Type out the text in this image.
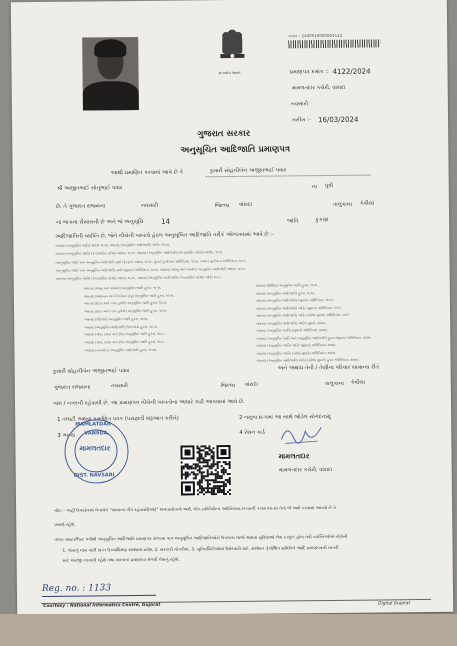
ક્રમાંક : 2400019000004122
સત્યમેવ જયતે	પ્રમાણપત્ર ક્રમાંક :: 4122/2024
મામલતદાર કચેરી, વાંસદા
નવસારી
તારીખ :- 16/03/2024
ગુજરાત સરકાર
અનુસૂચિત આદિજાતિ પ્રમાણપત્ર
આથી પ્રમાણિત કરવામાં આવે છે કે	કુમારી સોહનીબેન અજીતભાઈ પવાર
શ્રી અજીતભાઈ સોનુભાઈ પવાર	ના પુત્રી
છે, તે ગુજરાત રાજ્યના	નવસારી	જિલ્લા વાંસદા	તાલુકાના કેવીયા
ના ભાગના સૈયારાની છે અને જે અનુસૂચિ	14	જાતિ	કુકણા
આદિજાતિની વ્યક્તિ છે, જેને નીચેની બાબતો હેઠળ અનુસૂચિત આદિજાતિ તરીકે ઓળખવામાં આવે છે :-
બંધારણ (અનુસૂચિત જાતિ) આદેશ ૧૯૫૦, બંધારણ (અનુસૂચિત આદિજાતિ) ઓર્ડર, ૧૯૫૦,
બંધારણ (અનુસૂચિત જાતિ) (કેન્દ્રશાસિત પ્રદેશો) આદેશ, ૧૯૫૧, બંધારણ (અનુસૂચિત આદિજાતિ) (કેન્દ્રશાસિત પ્રદેશો) આદેશ, ૧૯૫૧,
(અનુસૂચિત જાતિ અને અનુસૂચિત આદિજાતિ યાદી (ફેરફાર) આદેશ, ૧૯૫૬, મુંબઈ પુનર્રચના અધિનિયમ, ૧૯૬૦, પંજાબ પુનર્રચના અધિનિયમ, ૧૯૬૬,
(અનુસૂચિત જાતિ અને અનુસૂચિત આદિજાતિ) યાદી (સુધારા) અધિનિયમ, ૧૯૭૬, બંધારણ (જમ્મુ અને કાશ્મીર) અનુસૂચિત આદિજાતિ આદેશ, ૧૯૮૯,
બંધારણ (અનુસૂચિત જાતિ) (કેન્દ્રશાસિત પ્રદેશો) આદેશ, ૧૯૭૮, બંધારણ (અનુસૂચિત આદિજાતિ) (કેન્દ્રશાસિત પ્રદેશો) ઓર્ડર ૧૯૬૮,
બંધારણ (જમ્મુ અને કાશ્મીર) અનુસૂચિત જાતિ હુકમ, ૧૯૫૬,
બંધારણ (આંદામાન અને નિકોબાર ટાપુ) અનુસૂચિત જાતિ હુકમ, ૧૯૫૯,
બંધારણ (દાદરા અને નગર હવેલી) અનુસૂચિત જાતિ હુકમ, ૧૯૬૨,
બંધારણ (દાદરા અને નગર હવેલી) અનુસૂચિત જાતિ હુકમ, ૧૯૬૨,
બંધારણ (પોંડિચેરી) અનુસૂચિત જાતિ હુકમ, ૧૯૬૪,
બંધારણ (અનુસૂચિત આદિજાતિ) ઉત્તરપ્રદેશ હુકમ, ૧૯૬૭,
બંધારણ (ગોવા, દમણ અને દીવ) અનુસૂચિત જાતિ હુકમ, ૧૯૬૮,
બંધારણ (ગોવા, દમણ અને દીવ) અનુસૂચિત જાતિ હુકમ, ૧૯૬૮,
બંધારણ (નાગાલેન્ડ) અનુસૂચિત આદિજાતિ હુકમ, ૧૯૭૦,
બંધારણ (સિક્કિમ) અનુસૂચિત જાતિ હુકમ, ૧૯૭૮,
બંધારણ (અનુસૂચિત આદિજાતિ) હુકમ, ૧૯૭૮,
બંધારણ (અનુસૂચિત આદિજાતિ) (સુધારો) અધિનિયમ, ૧૯૯૦,
બંધારણ (અનુસૂચિત આદિજાતિ) ઓર્ડર (સુધારા) અધિનિયમ, ૧૯૯૧,
બંધારણ (અનુસૂચિત આદિજાતિ) ઓર્ડર (બીજો સુધારો) અધિનિયમ, ૧૯૯૧
બંધારણ (અનુસૂચિત આદિજાતિ) આદેશ સુધારો, ૨૦૦૨,
બંધારણ (અનુસૂચિત જાતિ) (સુધારો) અધિનિયમ, ૨૦૦૨,
બંધારણ (અનુસૂચિત જાતિ અને અનુસૂચિત આદિજાતિ) હુકમ (સુધારા) અધિનિયમ, ૨૦૦૨,
બંધારણ (અનુસૂચિત જાતિ) ઓર્ડર (સુધારા) અધિનિયમ, ૨૦૦૨,
બંધારણ (અનુસૂચિત જાતિ) (બીજો સુધારો) અધિનિયમ, ૨૦૦૨,
બંધારણ (અનુસૂચિત આદિજાતિ) ઓર્ડર (બીજો સુધારો) હુકમ અધિનિયમ, ૨૦૦૨,
કુમારી સોહનીબેન અજીતભાઈ પવાર	અને અથવા તેની / તેણીના પરિવાર સામાન્ય રીતે
ગુજરાત રાજ્યના	નવસારી	જિલ્લા વાંસદા	તાલુકાના કેવીયા
ગામ / નગરની રહેવાસી છે. આ પ્રમાણપત્ર નીચેની બાબતોના આધારે કાઢી આપવામાં આવે છે.
1 તલાટી અથવા પ્રમાણિત પત્રક (પરાજ્ઞતી શરૂઆત કરીને)	2 નમૂના ૪-ગમાં આ સાથે જોડેલ સોગંદનામું
3 અન્ય	4 રેશન કાર્ડ
MAMLATDAR
VANSDA
DIST. NAVSARI
મામલતદાર
મામલતદાર
મામલતદાર કચેરી, વાંસદા
નોંધ :- અહીં ઉપયોગમાં લેવાયેલ "સામાન્ય રીતે રહેવાસી(ઓ)" શબ્દપ્રયોગનો અર્થ, લોક-પ્રતિનિધિત્વ અધિનિયમ,૧૯૫૦ની કલમ ૨૦-માં તેનો જે અર્થ કરવામાં આવ્યો છે તે
પ્રમાણે રહેશે.
વલય માસ્ટરલિસ્ટ પત્રીથી અનુસૂચિત આદિજાતિ પ્રમાણપત્ર મેળવવા પાત્ર અનુસૂચિત આદિજાતિઓને ઉપલબ્ધ લાભો અથવા સુવિધાઓ લેવા ઇચ્છુક હોય તેવી વ્યક્તિઓએ નીચેની
1. પોતાનું નામ પાછી પ્રાપ્ત ઉચ્ચશિક્ષણ સંસ્થામાં પ્રવેશ, 2. સરકારી નોકરીમાં, 3. યુનિવર્સિટીઓમાં ઉમેદવારી માટે, સંશોધન ફેલોશિપ સમિતિને આદિ પ્રમાણપત્રની ખાતરી
માટે અરજી કરવાની રહેશે તથા માન્યતા પ્રમાણપત્ર મેળવી લેવાનું રહેશે.
Reg. no. : 1133
Courtesy : National Informatics Centre, Gujarat	Digital Gujarat
